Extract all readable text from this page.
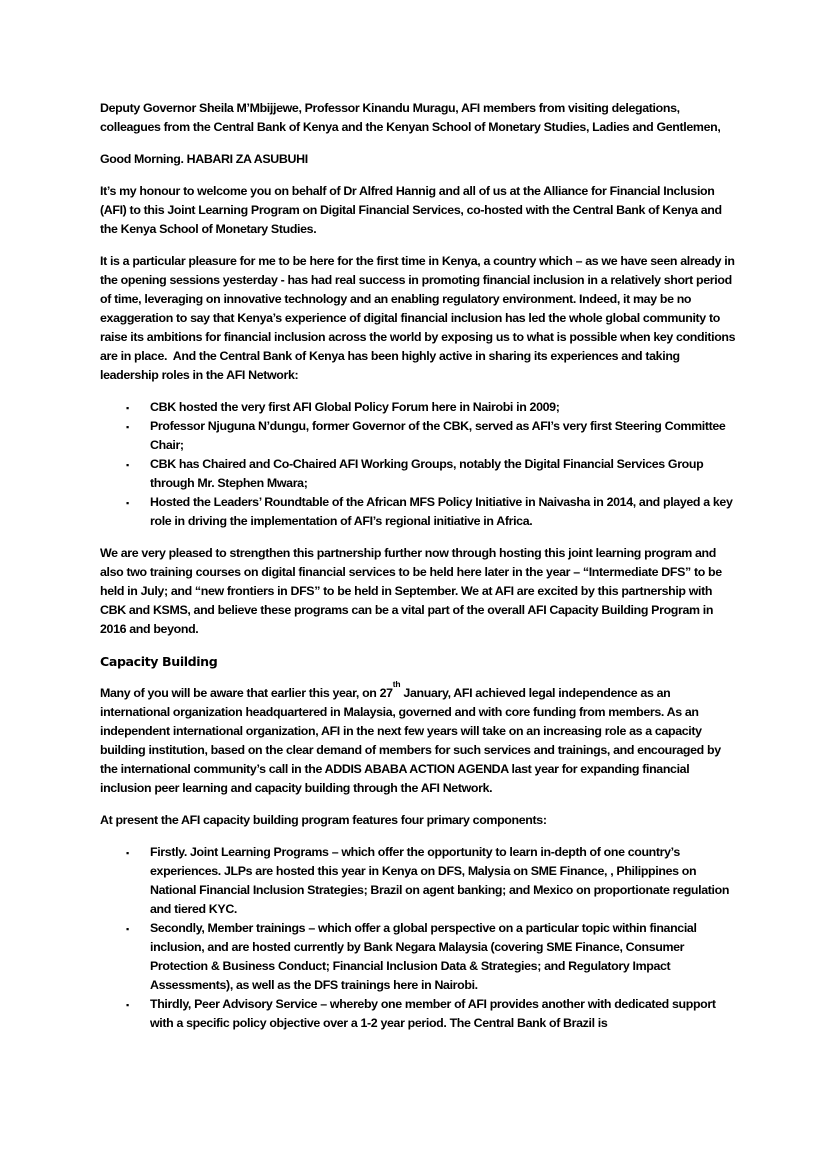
Deputy Governor Sheila M’Mbijjewe, Professor Kinandu Muragu, AFI members from visiting delegations, colleagues from the Central Bank of Kenya and the Kenyan School of Monetary Studies, Ladies and Gentlemen,

Good Morning. HABARI ZA ASUBUHI

It’s my honour to welcome you on behalf of Dr Alfred Hannig and all of us at the Alliance for Financial Inclusion (AFI) to this Joint Learning Program on Digital Financial Services, co-hosted with the Central Bank of Kenya and the Kenya School of Monetary Studies.

It is a particular pleasure for me to be here for the first time in Kenya, a country which – as we have seen already in the opening sessions yesterday - has had real success in promoting financial inclusion in a relatively short period of time, leveraging on innovative technology and an enabling regulatory environment. Indeed, it may be no exaggeration to say that Kenya’s experience of digital financial inclusion has led the whole global community to raise its ambitions for financial inclusion across the world by exposing us to what is possible when key conditions are in place.  And the Central Bank of Kenya has been highly active in sharing its experiences and taking leadership roles in the AFI Network:

▪ CBK hosted the very first AFI Global Policy Forum here in Nairobi in 2009;
▪ Professor Njuguna N’dungu, former Governor of the CBK, served as AFI’s very first Steering Committee Chair;
▪ CBK has Chaired and Co-Chaired AFI Working Groups, notably the Digital Financial Services Group through Mr. Stephen Mwara;
▪ Hosted the Leaders’ Roundtable of the African MFS Policy Initiative in Naivasha in 2014, and played a key role in driving the implementation of AFI’s regional initiative in Africa.

We are very pleased to strengthen this partnership further now through hosting this joint learning program and also two training courses on digital financial services to be held here later in the year – “Intermediate DFS” to be held in July; and “new frontiers in DFS” to be held in September. We at AFI are excited by this partnership with CBK and KSMS, and believe these programs can be a vital part of the overall AFI Capacity Building Program in 2016 and beyond.

Capacity Building

Many of you will be aware that earlier this year, on 27th January, AFI achieved legal independence as an international organization headquartered in Malaysia, governed and with core funding from members. As an independent international organization, AFI in the next few years will take on an increasing role as a capacity building institution, based on the clear demand of members for such services and trainings, and encouraged by the international community’s call in the ADDIS ABABA ACTION AGENDA last year for expanding financial inclusion peer learning and capacity building through the AFI Network.

At present the AFI capacity building program features four primary components:

▪ Firstly. Joint Learning Programs – which offer the opportunity to learn in-depth of one country’s experiences. JLPs are hosted this year in Kenya on DFS, Malysia on SME Finance, , Philippines on National Financial Inclusion Strategies; Brazil on agent banking; and Mexico on proportionate regulation and tiered KYC.
▪ Secondly, Member trainings – which offer a global perspective on a particular topic within financial inclusion, and are hosted currently by Bank Negara Malaysia (covering SME Finance, Consumer Protection & Business Conduct; Financial Inclusion Data & Strategies; and Regulatory Impact Assessments), as well as the DFS trainings here in Nairobi.
▪ Thirdly, Peer Advisory Service – whereby one member of AFI provides another with dedicated support with a specific policy objective over a 1-2 year period. The Central Bank of Brazil is
